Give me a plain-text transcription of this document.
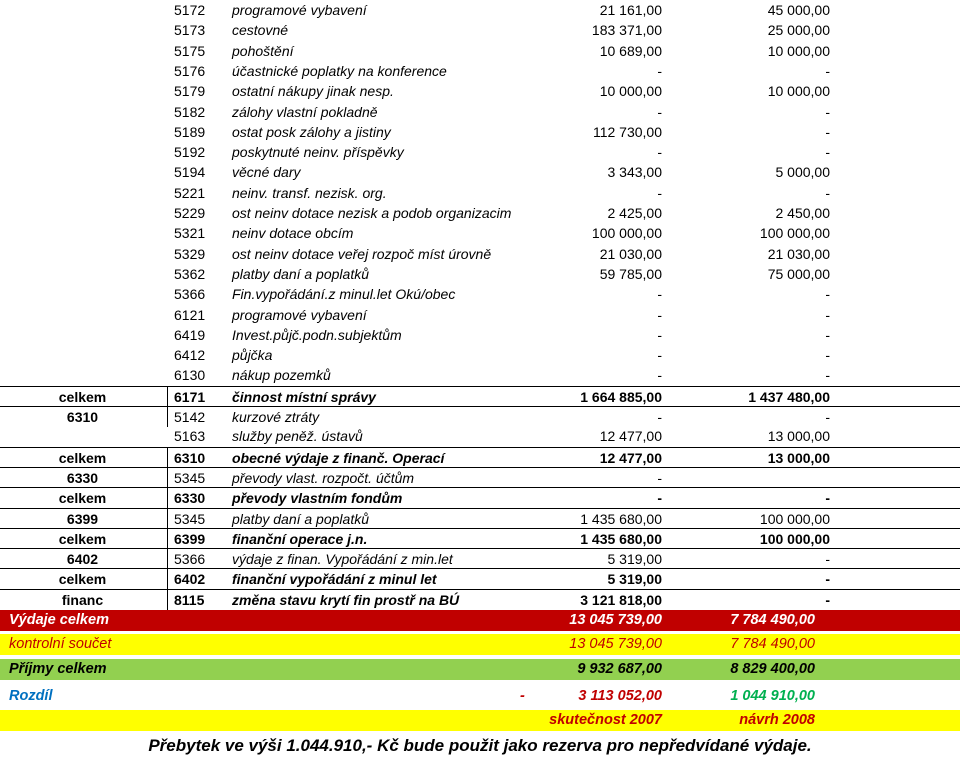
5172	programové vybavení	21 161,00	45 000,00
5173	cestovné	183 371,00	25 000,00
5175	pohoštění	10 689,00	10 000,00
5176	účastnické poplatky na konference	-	-
5179	ostatní nákupy jinak nesp.	10 000,00	10 000,00
5182	zálohy vlastní pokladně	-	-
5189	ostat posk zálohy a jistiny	112 730,00	-
5192	poskytnuté neinv. příspěvky	-	-
5194	věcné dary	3 343,00	5 000,00
5221	neinv. transf. nezisk. org.	-	-
5229	ost neinv dotace nezisk a podob organizacim	2 425,00	2 450,00
5321	neinv dotace obcím	100 000,00	100 000,00
5329	ost neinv dotace veřej rozpoč míst úrovně	21 030,00	21 030,00
5362	platby daní a poplatků	59 785,00	75 000,00
5366	Fin.vypořádání.z minul.let Okú/obec	-	-
6121	programové vybavení	-	-
6419	Invest.půjč.podn.subjektům	-	-
6412	půjčka	-	-
6130	nákup pozemků	-	-
celkem	6171	činnost místní správy	1 664 885,00	1 437 480,00
6310	5142	kurzové ztráty	-	-
5163	služby peněž. ústavů	12 477,00	13 000,00
celkem	6310	obecné výdaje z finanč. Operací	12 477,00	13 000,00
6330	5345	převody vlast. rozpočt. účtům	-
celkem	6330	převody vlastním fondům	-	-
6399	5345	platby daní a poplatků	1 435 680,00	100 000,00
celkem	6399	finanční operace j.n.	1 435 680,00	100 000,00
6402	5366	výdaje z finan. Vypořádání z min.let	5 319,00	-
celkem	6402	finanční vypořádání z minul let	5 319,00	-
financ	8115	změna stavu krytí fin prostř na BÚ	3 121 818,00	-
Výdaje celkem	13 045 739,00	7 784 490,00
kontrolní součet	13 045 739,00	7 784 490,00
Příjmy celkem	9 932 687,00	8 829 400,00
Rozdíl	-	3 113 052,00	1 044 910,00
skutečnost 2007	návrh 2008
Přebytek ve výši 1.044.910,- Kč bude použit jako rezerva pro nepředvídané výdaje.
